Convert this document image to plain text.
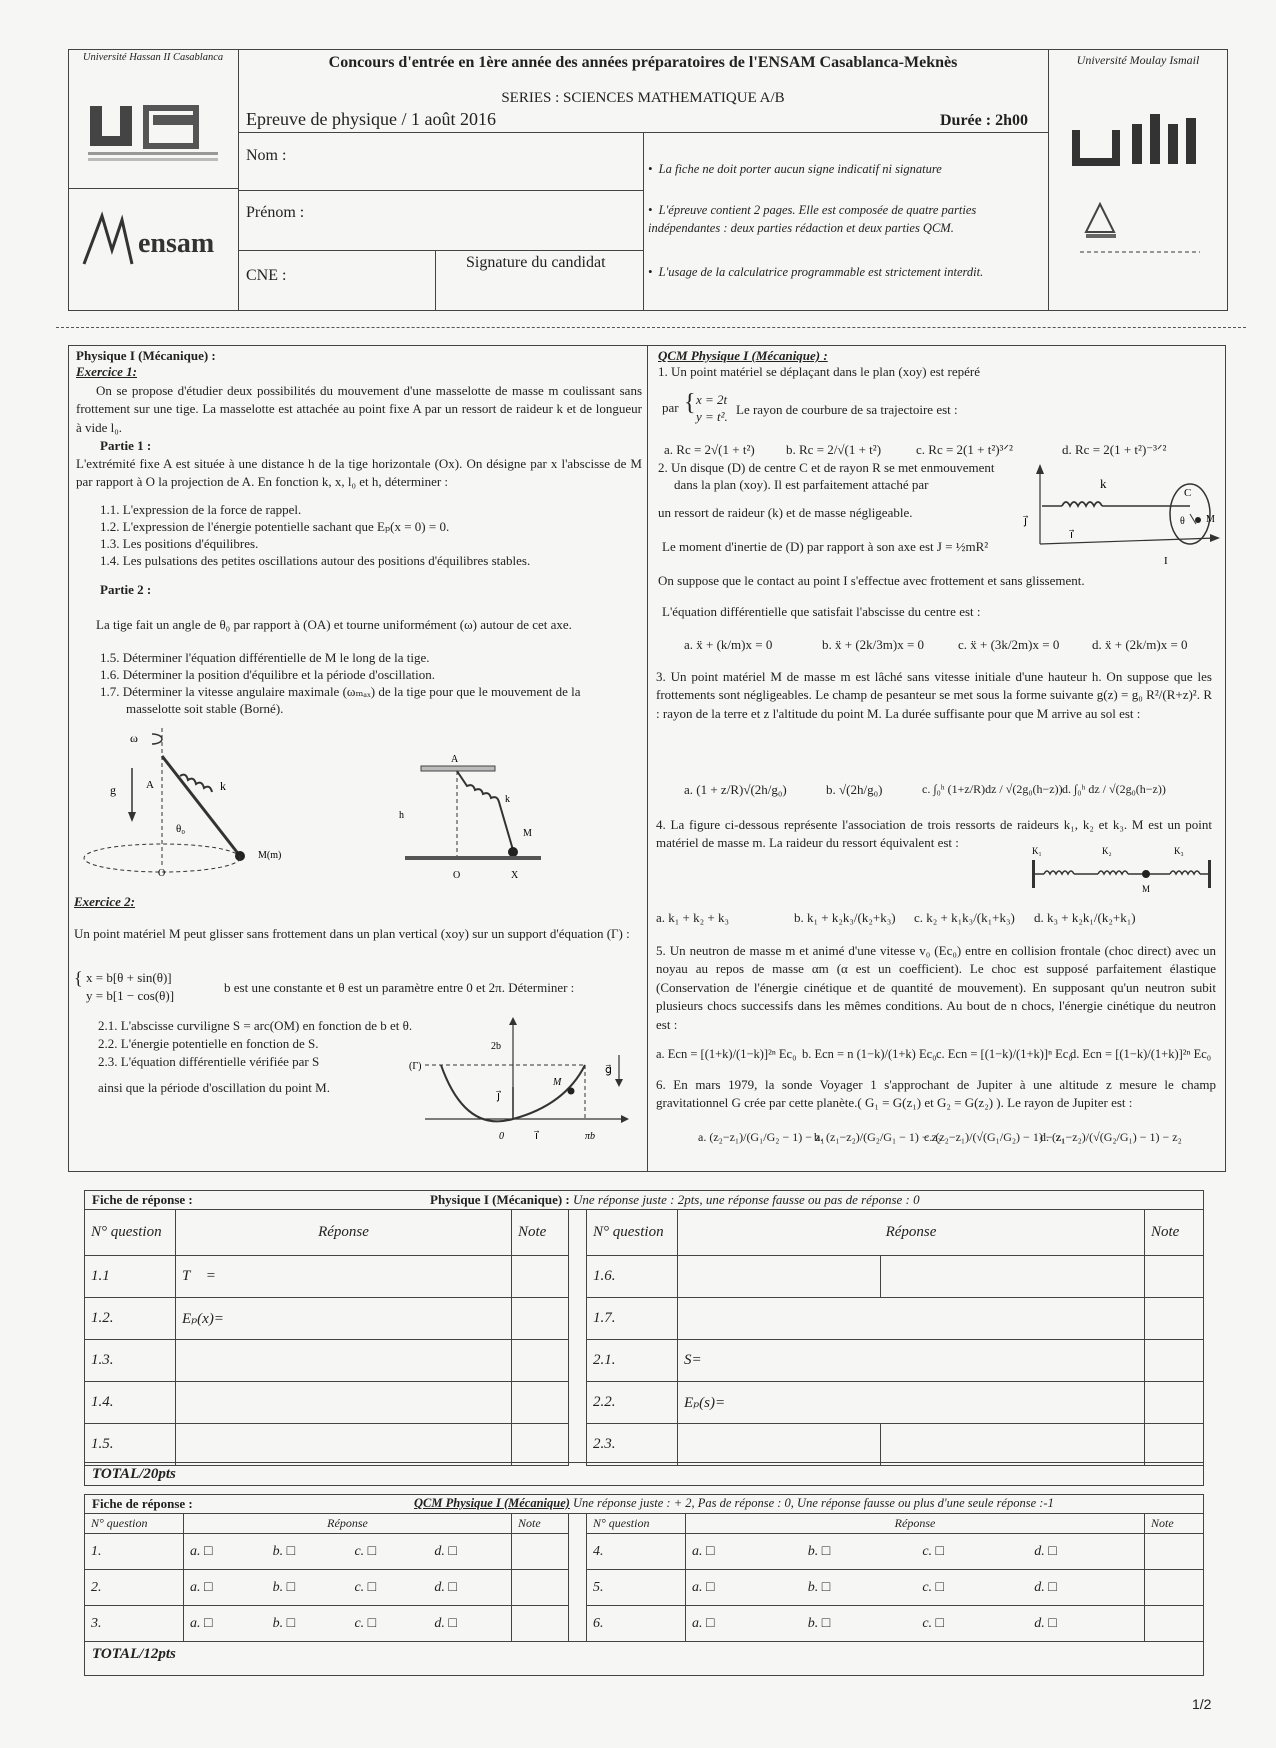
Université Hassan II Casablanca
ensam
Concours d'entrée en 1ère année des années préparatoires de l'ENSAM Casablanca-Meknès
SERIES : SCIENCES MATHEMATIQUE A/B
Epreuve de physique / 1 août 2016	Durée : 2h00
Nom :
Prénom :
CNE :
Signature du candidat
•  La fiche ne doit porter aucun signe indicatif ni signature
•  L'épreuve contient 2 pages. Elle est composée de quatre parties indépendantes : deux parties rédaction et deux parties QCM.
•  L'usage de la calculatrice programmable est strictement interdit.
Université Moulay Ismail
Physique I (Mécanique) :
Exercice 1:
On se propose d'étudier deux possibilités du mouvement d'une masselotte de masse m coulissant sans frottement sur une tige. La masselotte est attachée au point fixe A par un ressort de raideur k et de longueur à vide l₀.
Partie 1 :
L'extrémité fixe A est située à une distance h de la tige horizontale (Ox). On désigne par x l'abscisse de M par rapport à O la projection de A. En fonction k, x, l₀ et h, déterminer :
1.1. L'expression de la force de rappel.
1.2. L'expression de l'énergie potentielle sachant que Eₚ(x = 0) = 0.
1.3. Les positions d'équilibres.
1.4. Les pulsations des petites oscillations autour des positions d'équilibres stables.
Partie 2 :
La tige fait un angle de θ₀ par rapport à (OA) et tourne uniformément (ω) autour de cet axe.
1.5. Déterminer l'équation différentielle de M le long de la tige.
1.6. Déterminer la position d'équilibre et la période d'oscillation.
1.7. Déterminer la vitesse angulaire maximale (ωₘₐₓ) de la tige pour que le mouvement de la
masselotte soit stable (Borné).
ω
g	A	k
θ₀
M(m)
O
A
h
k
M
O	X
Exercice 2:
Un point matériel M peut glisser sans frottement dans un plan vertical (xoy) sur un support d'équation (Γ) :
{ x = b[θ + sin(θ)]
y = b[1 − cos(θ)]
b est une constante et θ est un paramètre entre 0 et 2π. Déterminer :
2.1. L'abscisse curviligne S = arc(OM) en fonction de b et θ.
2.2. L'énergie potentielle en fonction de S.
2.3. L'équation différentielle vérifiée par S
ainsi que la période d'oscillation du point M.
2b
(Γ)
M
j⃗
g⃗
0	i⃗	πb
QCM Physique I (Mécanique) :
1. Un point matériel se déplaçant dans le plan (xoy) est repéré
par { x = 2t
y = t². Le rayon de courbure de sa trajectoire est :
a. Rc = 2√(1 + t²) b. Rc = 2/√(1 + t²)	c. Rc = 2(1 + t²)³ᐟ²	d. Rc = 2(1 + t²)⁻³ᐟ²
2. Un disque (D) de centre C et de rayon R se met enmouvement
dans la plan (xoy). Il est parfaitement attaché par
un ressort de raideur (k) et de masse négligeable.
Le moment d'inertie de (D) par rapport à son axe est J = ½mR²
k
C
θ M
j⃗
i⃗
I
On suppose que le contact au point I s'effectue avec frottement et sans glissement.
L'équation différentielle que satisfait l'abscisse du centre est :
a. ẍ + (k/m)x = 0	b. ẍ + (2k/3m)x = 0	c. ẍ + (3k/2m)x = 0	d. ẍ + (2k/m)x = 0
3. Un point matériel M de masse m est lâché sans vitesse initiale d'une hauteur h. On suppose que les frottements sont négligeables. Le champ de pesanteur se met sous la forme suivante g(z) = g₀ R²/(R+z)². R : rayon de la terre et z l'altitude du point M. La durée suffisante pour que M arrive au sol est :
a. (1 + z/R)√(2h/g₀)	b. √(2h/g₀)	c. ∫₀ʰ (1+z/R)dz / √(2g₀(h−z)) d. ∫₀ʰ dz / √(2g₀(h−z))
4. La figure ci-dessous représente l'association de trois ressorts de raideurs k₁, k₂ et k₃. M est un point matériel de masse m. La raideur du ressort équivalent est :
K₁	K₂	K₃
M
a. k₁ + k₂ + k₃	b. k₁ + k₂k₃/(k₂+k₃) c. k₂ + k₁k₃/(k₁+k₃) d. k₃ + k₂k₁/(k₂+k₁)
5. Un neutron de masse m et animé d'une vitesse v₀ (Ec₀) entre en collision frontale (choc direct) avec un noyau au repos de masse αm (α est un coefficient). Le choc est supposé parfaitement élastique (Conservation de l'énergie cinétique et de quantité de mouvement). En supposant qu'un neutron subit plusieurs chocs successifs dans les mêmes conditions. Au bout de n chocs, l'énergie cinétique du neutron est :
a. Ecn = [(1+k)/(1−k)]²ⁿ Ec₀ b. Ecn = n (1−k)/(1+k) Ec₀ c. Ecn = [(1−k)/(1+k)]ⁿ Ec₀
d. Ecn = [(1−k)/(1+k)]²ⁿ Ec₀
6. En mars 1979, la sonde Voyager 1 s'approchant de Jupiter à une altitude z mesure le champ gravitationnel G crée par cette planète.( G₁ = G(z₁) et G₂ = G(z₂) ). Le rayon de Jupiter est :
a. (z₂−z₁)/(G₁/G₂ − 1) − z₁
b. (z₁−z₂)/(G₂/G₁ − 1) − z₂
c. (z₂−z₁)/(√(G₁/G₂) − 1) − z₁
d. (z₁−z₂)/(√(G₂/G₁) − 1) − z₂
Fiche de réponse :	Physique I (Mécanique) : Une réponse juste : 2pts, une réponse fausse ou pas de réponse : 0
N° question	Réponse	Note
1.1	T⃗ =	
1.2.	Eₚ(x)=	
1.3.		
1.4.		
1.5.		
N° question	Réponse		Note
1.6.			
1.7.			
2.1.	S=		
2.2.	Eₚ(s)=		
2.3.			
TOTAL/20pts
Fiche de réponse :	QCM Physique I (Mécanique) Une réponse juste : + 2, Pas de réponse : 0, Une réponse fausse ou plus d'une seule réponse :-1
N° question	Réponse				Note
1.	a. □	b. □	c. □	d. □	
2.	a. □	b. □	c. □	d. □	
3.	a. □	b. □	c. □	d. □	
N° question	Réponse				Note
4.	a. □	b. □	c. □	d. □	
5.	a. □	b. □	c. □	d. □	
6.	a. □	b. □	c. □	d. □	
TOTAL/12pts
1/2
